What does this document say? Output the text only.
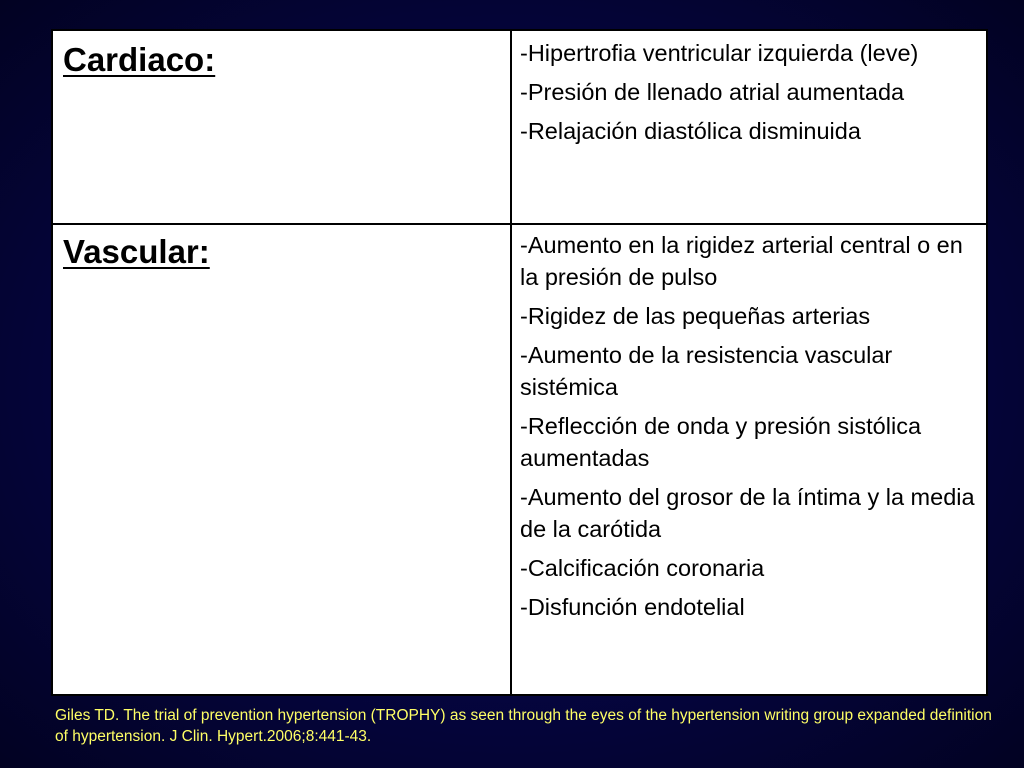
Cardiaco:	-Hipertrofia ventricular izquierda (leve)
-Presión de llenado atrial aumentada
-Relajación diastólica disminuida
Vascular:	-Aumento en la rigidez arterial central o en la presión de pulso
-Rigidez de las pequeñas arterias
-Aumento de la resistencia vascular sistémica
-Reflección de onda y presión sistólica aumentadas
-Aumento del grosor de la íntima y la media de la carótida
-Calcificación coronaria
-Disfunción endotelial
Giles TD. The trial of prevention hypertension (TROPHY) as seen through the eyes of the hypertension writing group expanded definition of hypertension. J Clin. Hypert.2006;8:441-43.
